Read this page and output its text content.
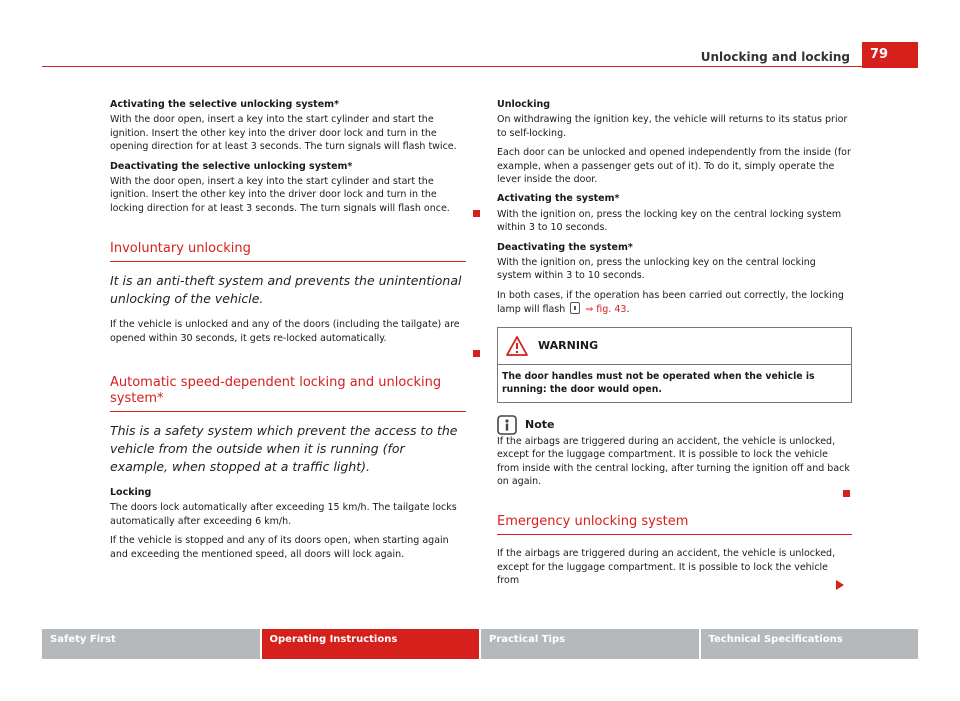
Unlocking and locking	79
Activating the selective unlocking system*

With the door open, insert a key into the start cylinder and start the ignition. Insert the other key into the driver door lock and turn in the opening direction for at least 3 seconds. The turn signals will flash twice.

Deactivating the selective unlocking system*

With the door open, insert a key into the start cylinder and start the ignition. Insert the other key into the driver door lock and turn in the locking direction for at least 3 seconds. The turn signals will flash once.

Involuntary unlocking
It is an anti-theft system and prevents the unintentional unlocking of the vehicle.

If the vehicle is unlocked and any of the doors (including the tailgate) are opened within 30 seconds, it gets re-locked automatically.

Automatic speed-dependent locking and unlocking system*
This is a safety system which prevent the access to the vehicle from the outside when it is running (for example, when stopped at a traffic light).
Locking

The doors lock automatically after exceeding 15 km/h. The tailgate locks automatically after exceeding 6 km/h.

If the vehicle is stopped and any of its doors open, when starting again and exceeding the mentioned speed, all doors will lock again.

Unlocking

On withdrawing the ignition key, the vehicle will returns to its status prior to self-locking.

Each door can be unlocked and opened independently from the inside (for example, when a passenger gets out of it). To do it, simply operate the lever inside the door.

Activating the system*

With the ignition on, press the locking key on the central locking system within 3 to 10 seconds.

Deactivating the system*

With the ignition on, press the unlocking key on the central locking system within 3 to 10 seconds.

In both cases, if the operation has been carried out correctly, the locking lamp will flash ⇒ fig. 43.

WARNING
The door handles must not be operated when the vehicle is running: the door would open.
Note

If the airbags are triggered during an accident, the vehicle is unlocked, except for the luggage compartment. It is possible to lock the vehicle from inside with the central locking, after turning the ignition off and back on again.

Emergency unlocking system

If the airbags are triggered during an accident, the vehicle is unlocked, except for the luggage compartment. It is possible to lock the vehicle from

Safety First	Operating Instructions	Practical Tips	Technical Specifications
